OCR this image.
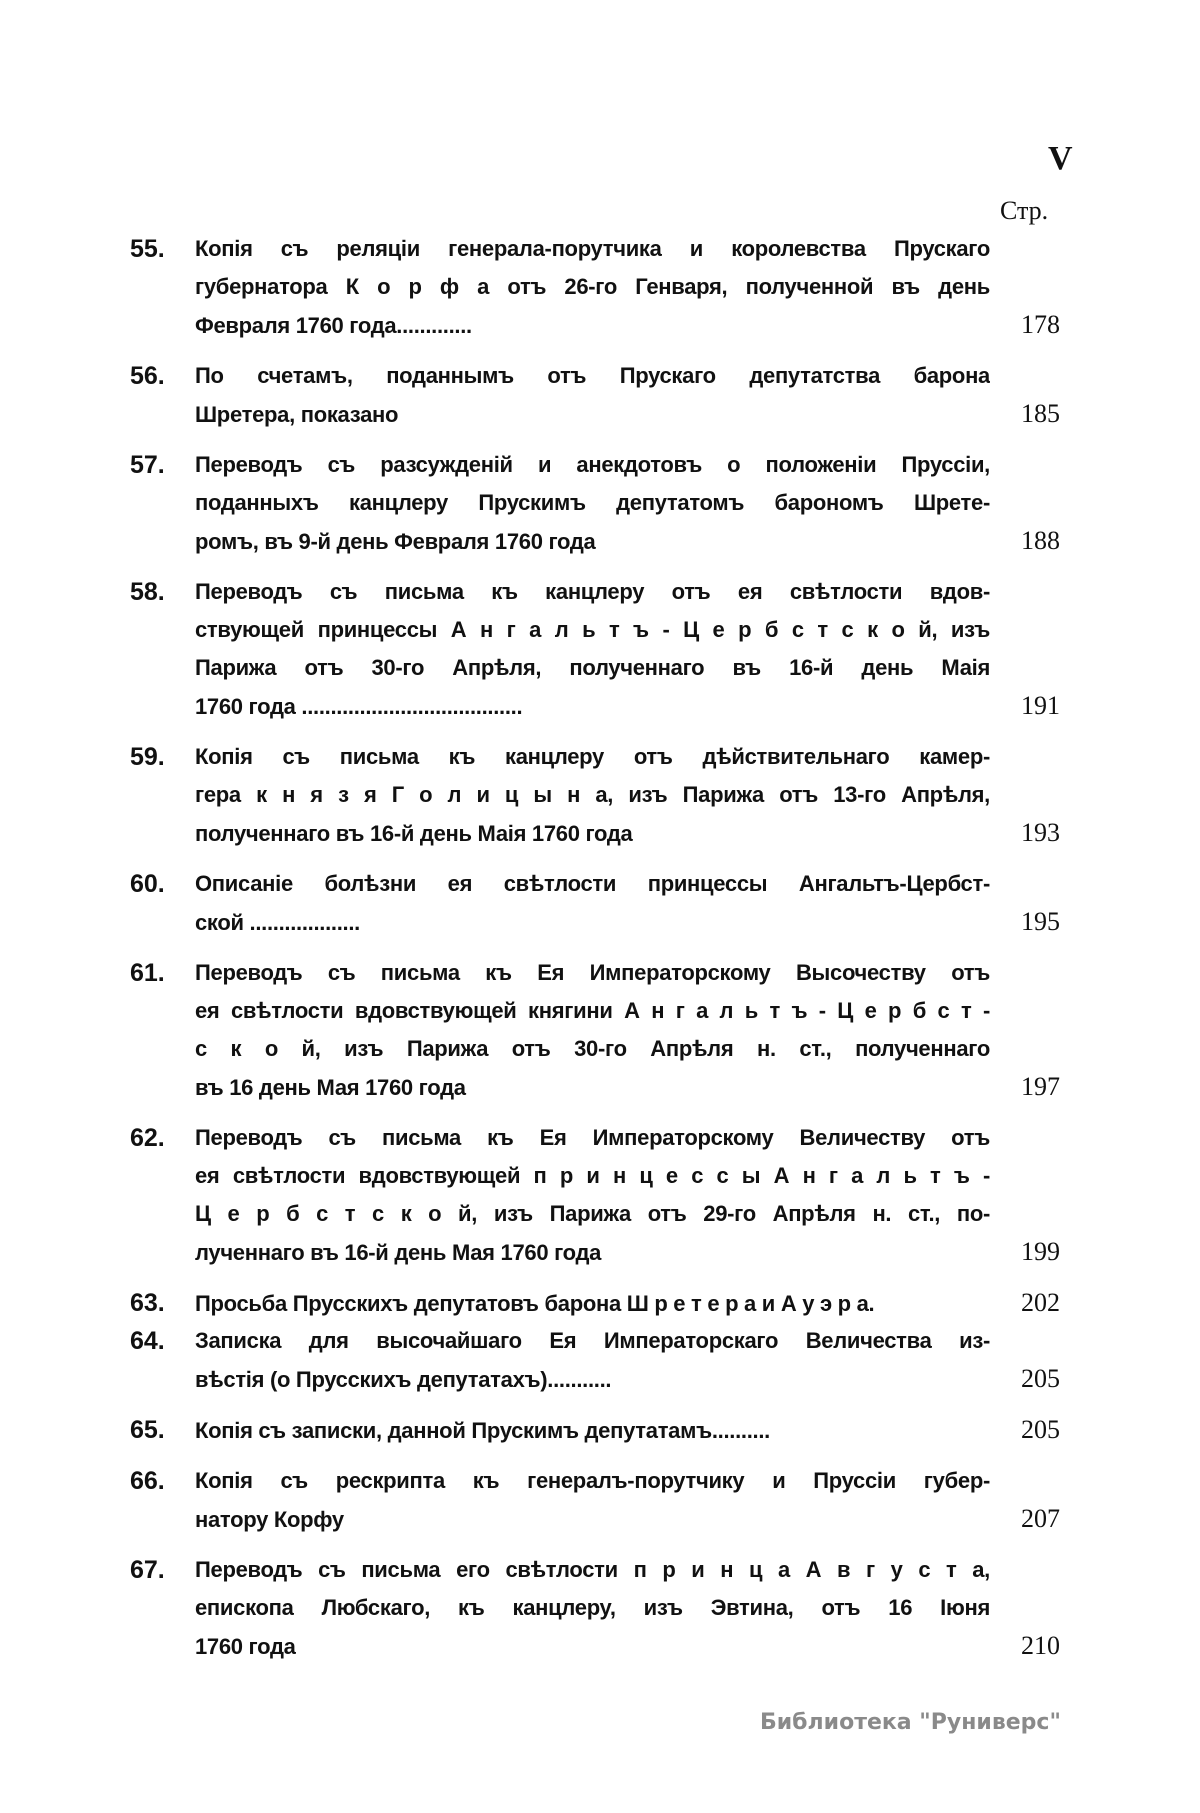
V
Стр.
55. Копія съ реляціи генерала-порутчика и королевства Прускаго
губернатора К о р ф а отъ 26-го Генваря, полученной въ день
Февраля 1760 года.............	178
56. По счетамъ, поданнымъ отъ Прускаго депутатства барона
Шретера, показано	185
57. Переводъ съ разсужденій и анекдотовъ о положеніи Пруссіи,
поданныхъ канцлеру Прускимъ депутатомъ барономъ Шрете-
ромъ, въ 9-й день Февраля 1760 года	188
58. Переводъ съ письма къ канцлеру отъ ея свѣтлости вдов-
ствующей принцессы А н г а л ь т ъ - Ц е р б с т с к о й, изъ
Парижа отъ 30-го Апрѣля, полученнаго въ 16-й день Маія
1760 года ......................................	191
59. Копія съ письма къ канцлеру отъ дѣйствительнаго камер-
гера к н я з я Г о л и ц ы н а, изъ Парижа отъ 13-го Апрѣля,
полученнаго въ 16-й день Маія 1760 года	193
60. Описаніе болѣзни ея свѣтлости принцессы Ангальтъ-Цербст-
ской ...................	195
61. Переводъ съ письма къ Ея Императорскому Высочеству отъ
ея свѣтлости вдовствующей княгини А н г а л ь т ъ - Ц е р б с т -
с к о й, изъ Парижа отъ 30-го Апрѣля н. ст., полученнаго
въ 16 день Мая 1760 года	197
62. Переводъ съ письма къ Ея Императорскому Величеству отъ
ея свѣтлости вдовствующей п р и н ц е с с ы А н г а л ь т ъ -
Ц е р б с т с к о й, изъ Парижа отъ 29-го Апрѣля н. ст., по-
лученнаго въ 16-й день Мая 1760 года	199
63. Просьба Прусскихъ депутатовъ барона Ш р е т е р а и А у э р а.	202
64. Записка для высочайшаго Ея Императорскаго Величества из-
вѣстія (о Прусскихъ депутатахъ)...........	205
65. Копія съ записки, данной Прускимъ депутатамъ..........	205
66. Копія съ рескрипта къ генералъ-порутчику и Пруссіи губер-
натору Корфу	207
67. Переводъ съ письма его свѣтлости п р и н ц а А в г у с т а,
епископа Любскаго, къ канцлеру, изъ Эвтина, отъ 16 Іюня
1760 года	210
Библиотека "Руниверс"
